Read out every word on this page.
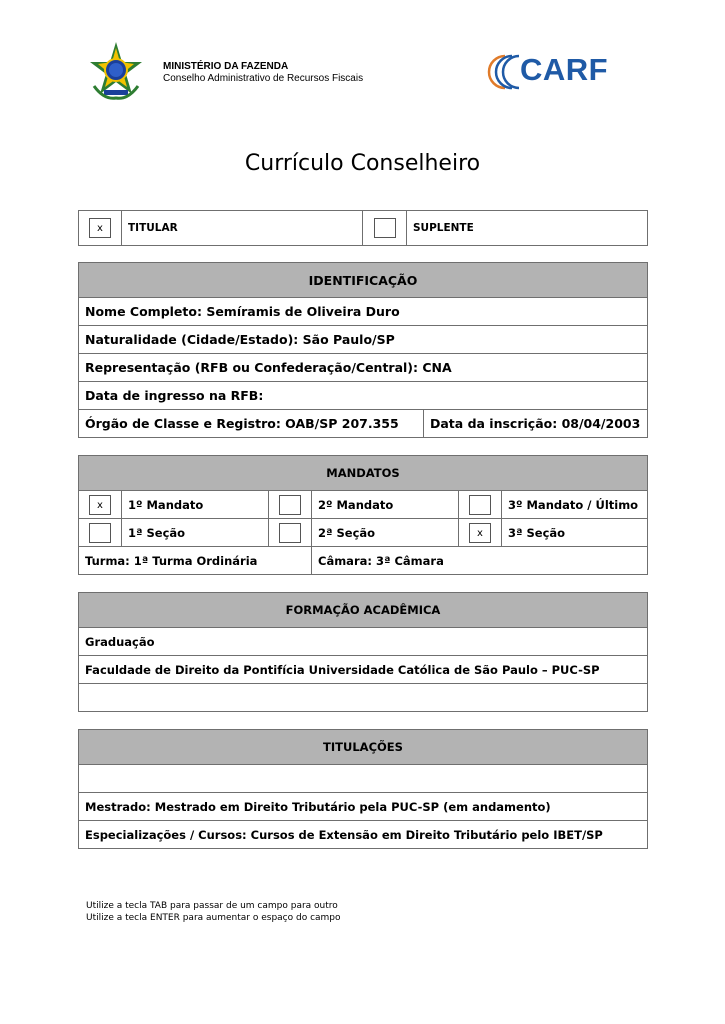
MINISTÉRIO DA FAZENDA
Conselho Administrativo de Recursos Fiscais	CARF
Currículo Conselheiro
x	TITULAR		SUPLENTE
IDENTIFICAÇÃO
Nome Completo: Semíramis de Oliveira Duro
Naturalidade (Cidade/Estado): São Paulo/SP
Representação (RFB ou Confederação/Central): CNA
Data de ingresso na RFB:
Órgão de Classe e Registro: OAB/SP 207.355	Data da inscrição: 08/04/2003
MANDATOS					
x	1º Mandato		2º Mandato		3º Mandato / Último
	1ª Seção		2ª Seção	x	3ª Seção
Turma: 1ª Turma Ordinária			Câmara: 3ª Câmara		
FORMAÇÃO ACADÊMICA
Graduação
Faculdade de Direito da Pontifícia Universidade Católica de São Paulo – PUC-SP

TITULAÇÕES

Mestrado: Mestrado em Direito Tributário pela PUC-SP (em andamento)
Especializações / Cursos: Cursos de Extensão em Direito Tributário pelo IBET/SP
Utilize a tecla TAB para passar de um campo para outro
Utilize a tecla ENTER para aumentar o espaço do campo
